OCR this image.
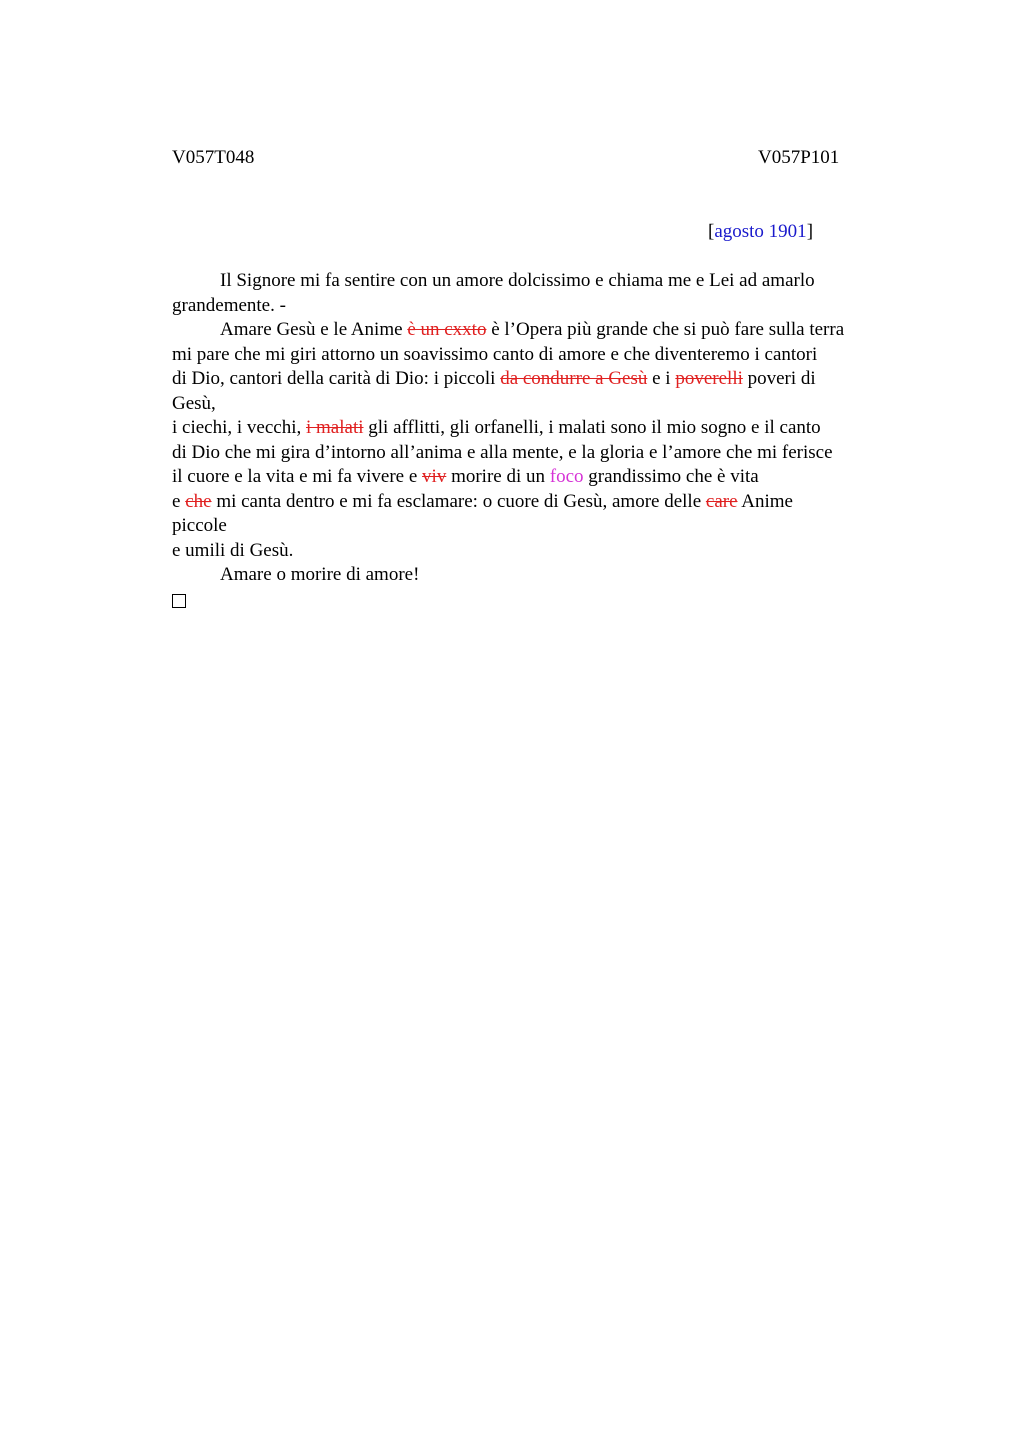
V057T048	V057P101
[agosto 1901]
Il Signore mi fa sentire con un amore dolcissimo e chiama me e Lei ad amarlo
grandemente. -
Amare Gesù e le Anime è un cxxto è l’Opera più grande che si può fare sulla terra
mi pare che mi giri attorno un soavissimo canto di amore e che diventeremo i cantori
di Dio, cantori della carità di Dio: i piccoli da condurre a Gesù e i poverelli poveri di
Gesù,
i ciechi, i vecchi, i malati gli afflitti, gli orfanelli, i malati sono il mio sogno e il canto
di Dio che mi gira d’intorno all’anima e alla mente, e la gloria e l’amore che mi ferisce
il cuore e la vita e mi fa vivere e viv morire di un foco grandissimo che è vita
e che mi canta dentro e mi fa esclamare: o cuore di Gesù, amore delle care Anime
piccole
e umili di Gesù.
Amare o morire di amore!
